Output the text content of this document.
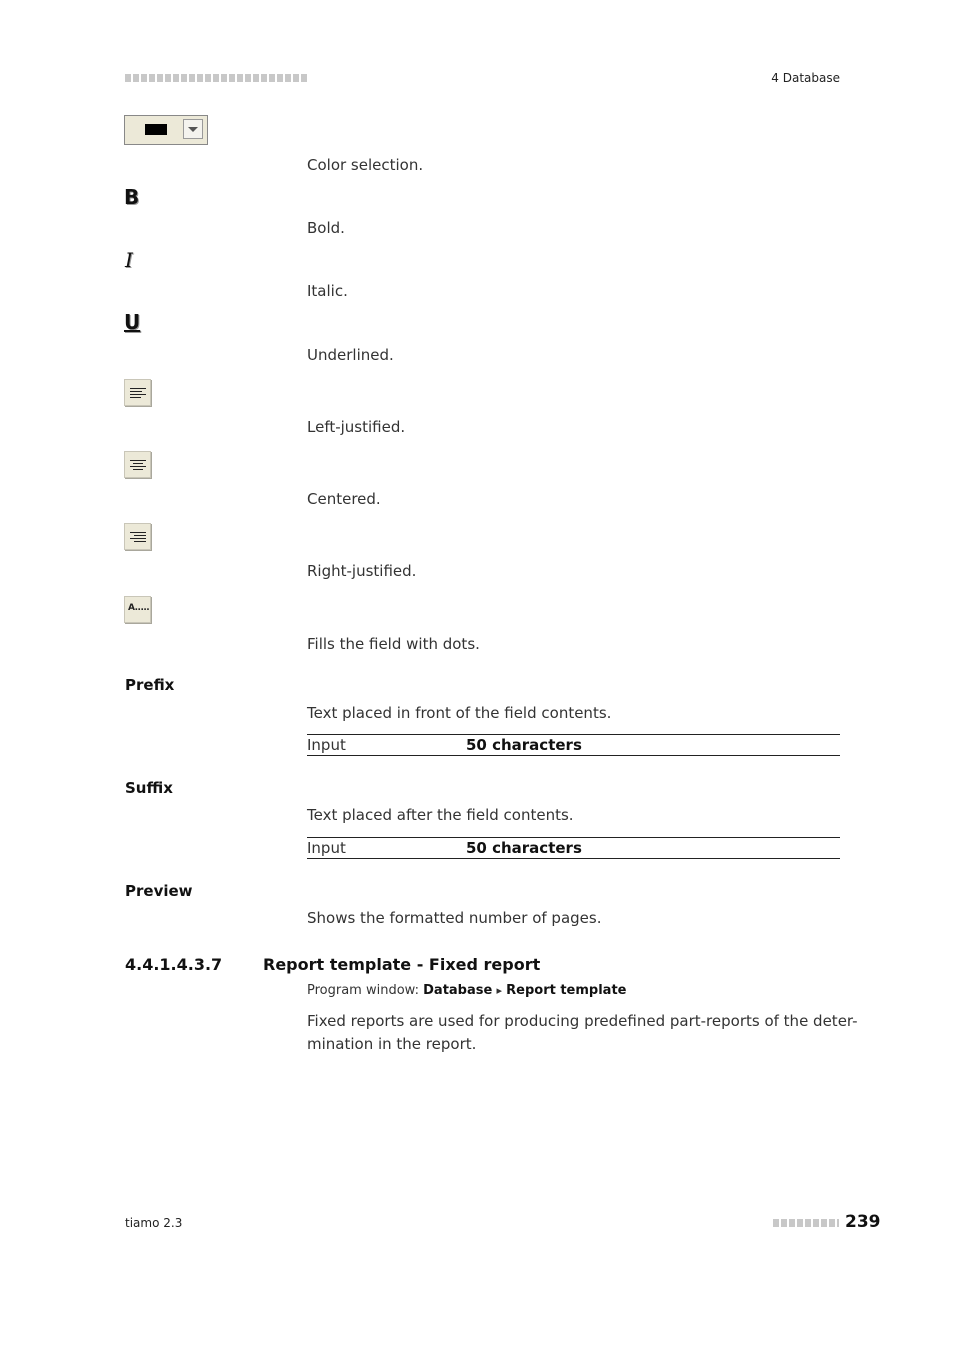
4 Database
Color selection.
B
Bold.
I
Italic.
U
Underlined.
Left-justified.
Centered.
Right-justified.
A.....
Fills the field with dots.
Prefix
Text placed in front of the field contents.
Input	50 characters
Suffix
Text placed after the field contents.
Input	50 characters
Preview
Shows the formatted number of pages.
4.4.1.4.3.7	Report template - Fixed report
Program window: Database ▸ Report template
Fixed reports are used for producing predefined part-reports of the deter-
mination in the report.
tiamo 2.3	239
